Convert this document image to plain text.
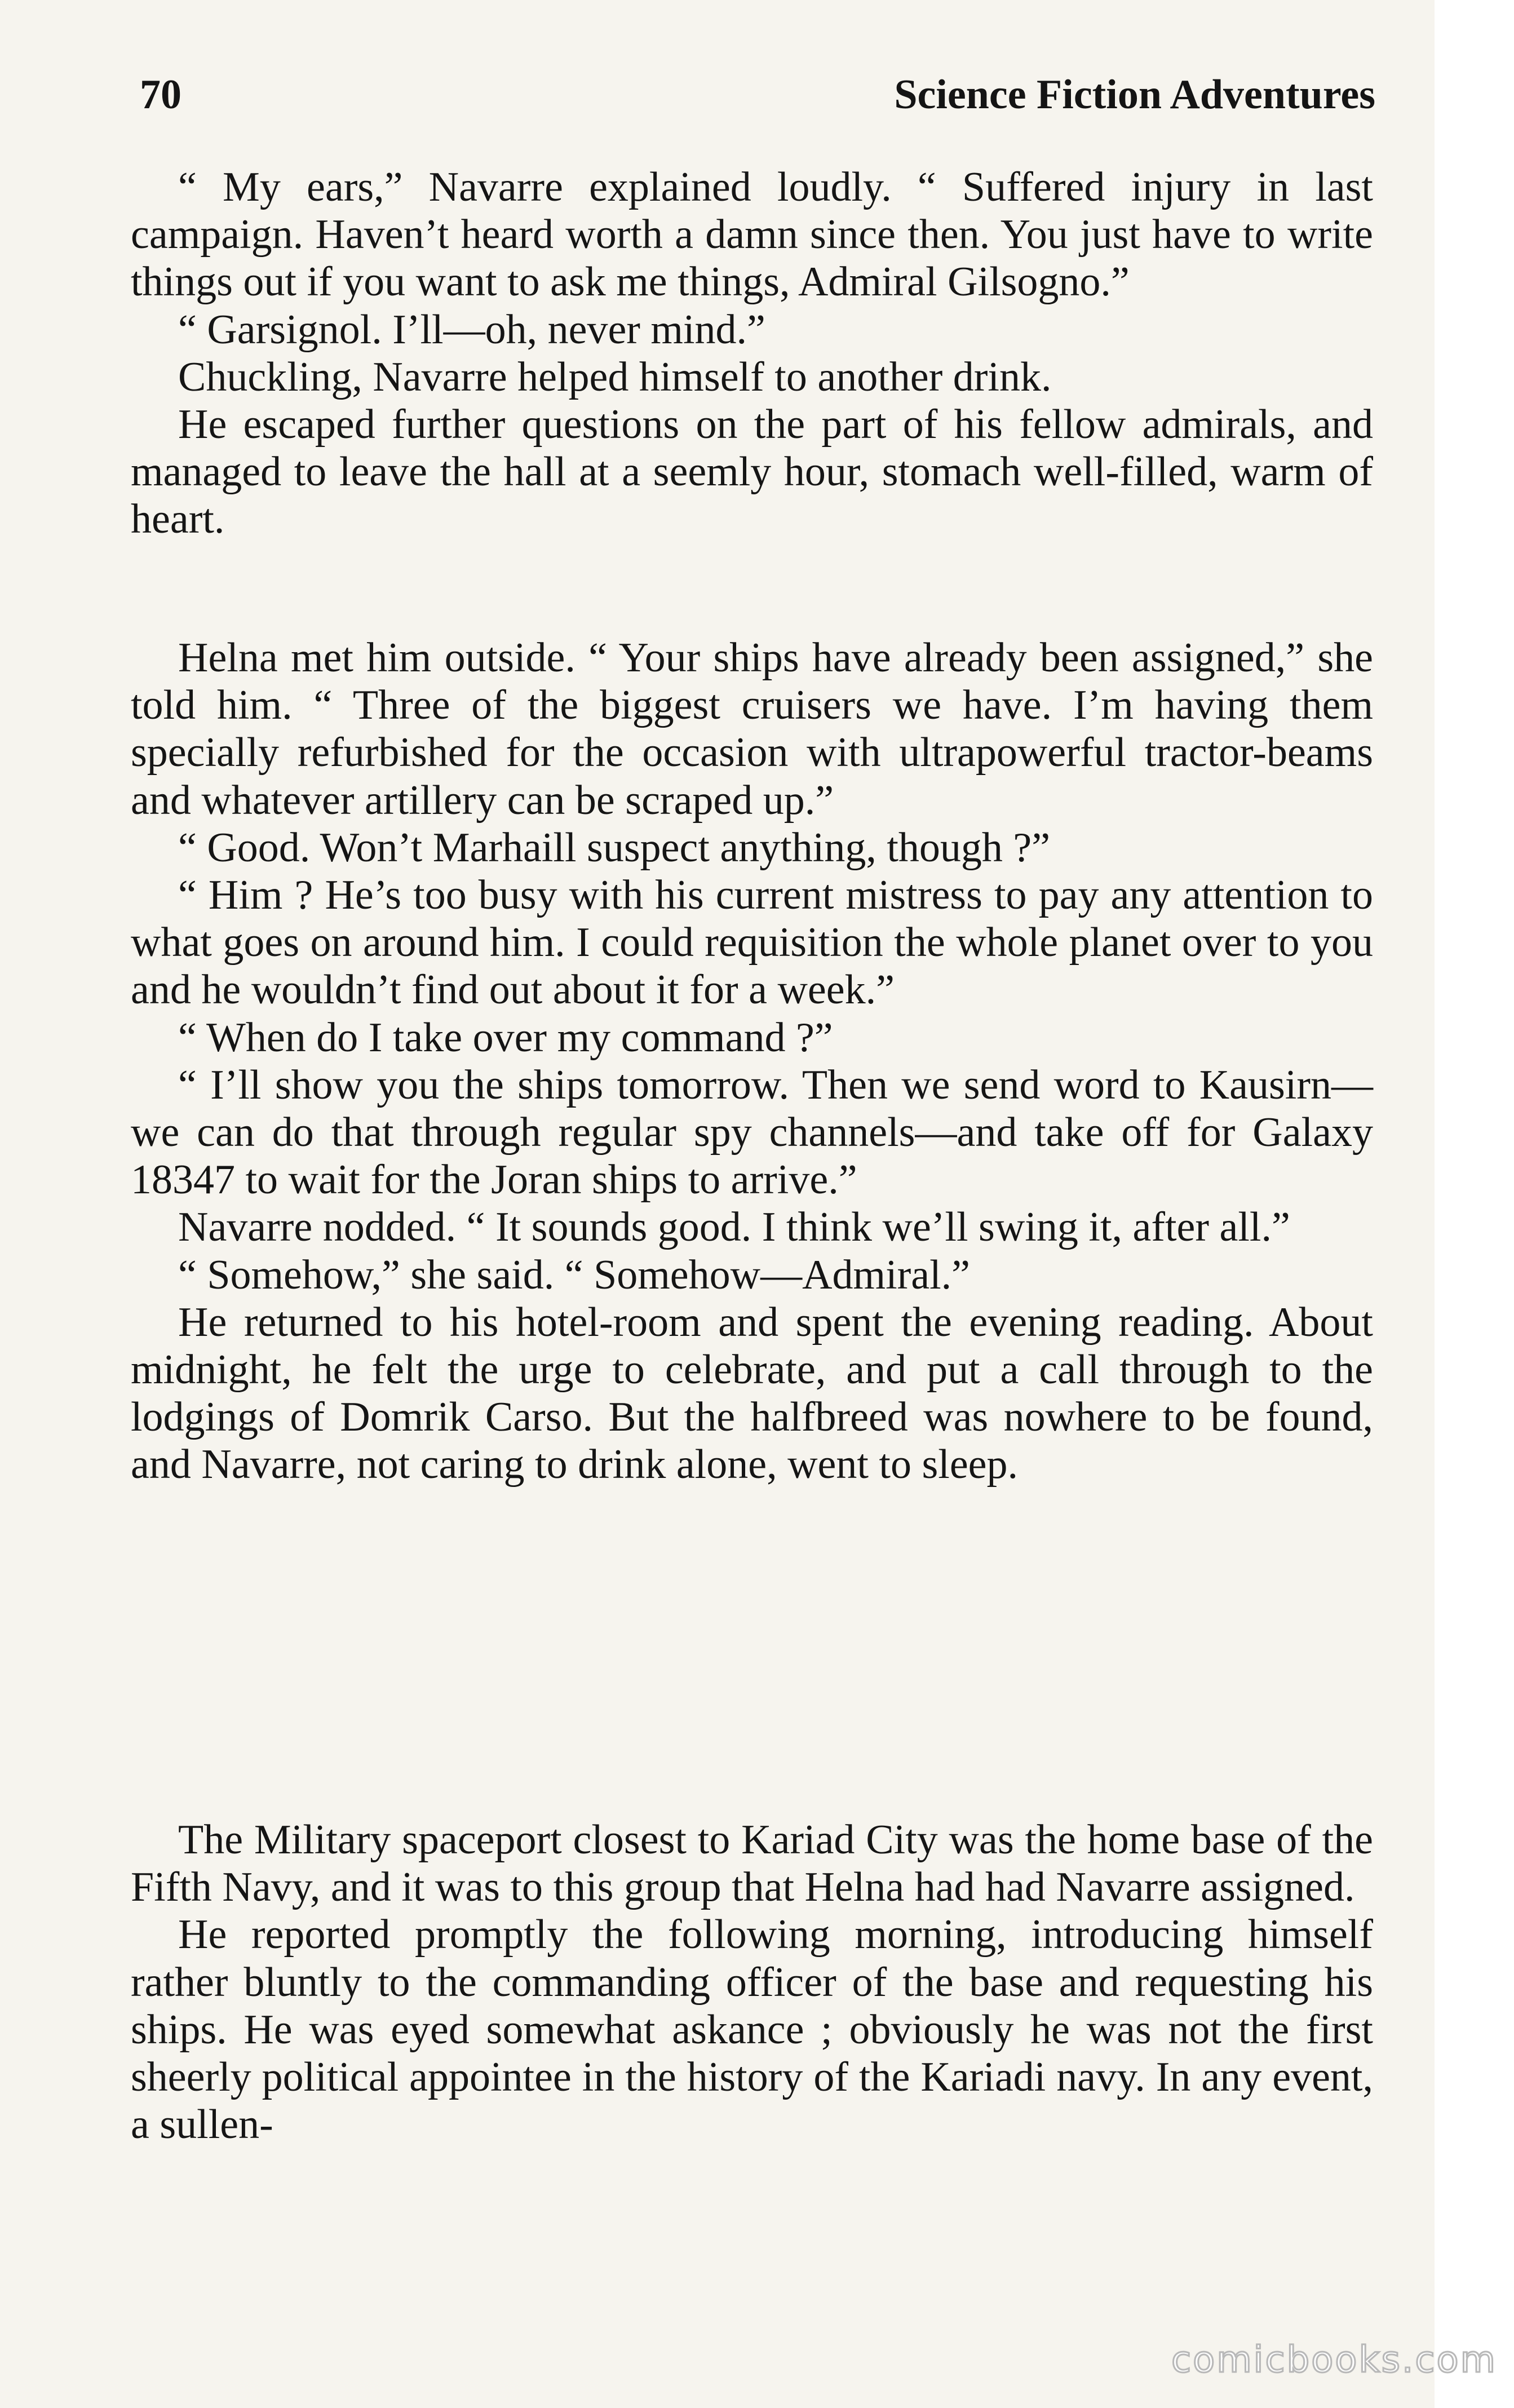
70	Science Fiction Adventures

“ My ears,” Navarre explained loudly. “ Suffered injury in last campaign. Haven’t heard worth a damn since then. You just have to write things out if you want to ask me things, Admiral Gilsogno.”

“ Garsignol. I’ll—oh, never mind.”

Chuckling, Navarre helped himself to another drink.

He escaped further questions on the part of his fellow admirals, and managed to leave the hall at a seemly hour, stomach well-filled, warm of heart.

Helna met him outside. “ Your ships have already been assigned,” she told him. “ Three of the biggest cruisers we have. I’m having them specially refurbished for the occasion with ultrapowerful tractor-beams and whatever artillery can be scraped up.”

“ Good. Won’t Marhaill suspect anything, though ?”

“ Him ? He’s too busy with his current mistress to pay any attention to what goes on around him. I could requisition the whole planet over to you and he wouldn’t find out about it for a week.”

“ When do I take over my command ?”

“ I’ll show you the ships tomorrow. Then we send word to Kausirn—we can do that through regular spy channels—and take off for Galaxy 18347 to wait for the Joran ships to arrive.”

Navarre nodded. “ It sounds good. I think we’ll swing it, after all.”

“ Somehow,” she said. “ Somehow—Admiral.”

He returned to his hotel-room and spent the evening reading. About midnight, he felt the urge to celebrate, and put a call through to the lodgings of Domrik Carso. But the halfbreed was nowhere to be found, and Navarre, not caring to drink alone, went to sleep.

The Military spaceport closest to Kariad City was the home base of the Fifth Navy, and it was to this group that Helna had had Navarre assigned.

He reported promptly the following morning, introducing himself rather bluntly to the commanding officer of the base and requesting his ships. He was eyed somewhat askance ; obviously he was not the first sheerly political appointee in the history of the Kariadi navy. In any event, a sullen-

comicbooks.com
